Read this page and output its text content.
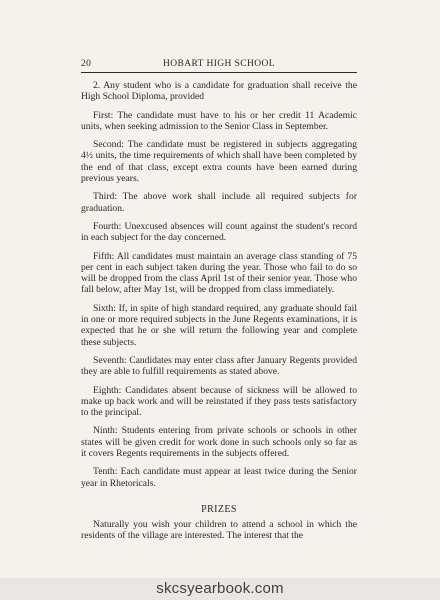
20	HOBART HIGH SCHOOL

2. Any student who is a candidate for graduation shall receive the High School Diploma, provided

First: The candidate must have to his or her credit 11 Academic units, when seeking admission to the Senior Class in September.

Second: The candidate must be registered in subjects aggregating 4½ units, the time requirements of which shall have been completed by the end of that class, except extra counts have been earned during previous years.

Third: The above work shall include all required subjects for graduation.

Fourth: Unexcused absences will count against the student's record in each subject for the day concerned.

Fifth: All candidates must maintain an average class standing of 75 per cent in each subject taken during the year. Those who fail to do so will be dropped from the class April 1st of their senior year. Those who fall below, after May 1st, will be dropped from class immediately.

Sixth: If, in spite of high standard required, any graduate should fail in one or more required subjects in the June Regents examinations, it is expected that he or she will return the following year and complete these subjects.

Seventh: Candidates may enter class after January Regents provided they are able to fulfill requirements as stated above.

Eighth: Candidates absent because of sickness will be allowed to make up back work and will be reinstated if they pass tests satisfactory to the principal.

Ninth: Students entering from private schools or schools in other states will be given credit for work done in such schools only so far as it covers Regents requirements in the subjects offered.

Tenth: Each candidate must appear at least twice during the Senior year in Rhetoricals.

PRIZES

Naturally you wish your children to attend a school in which the residents of the village are interested. The interest that the

skcsyearbook.com
